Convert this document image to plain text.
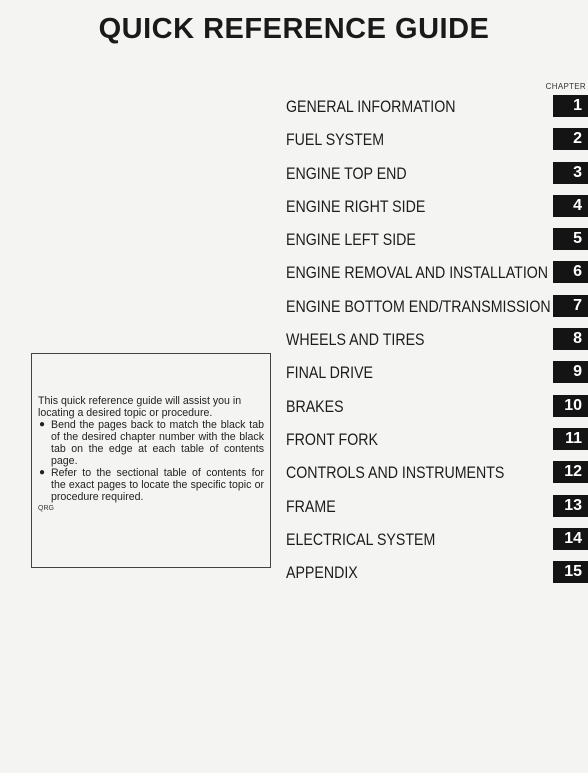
QUICK REFERENCE GUIDE
CHAPTER
GENERAL INFORMATION	1
FUEL SYSTEM	2
ENGINE TOP END	3
ENGINE RIGHT SIDE	4
ENGINE LEFT SIDE	5
ENGINE REMOVAL AND INSTALLATION	6
ENGINE BOTTOM END/TRANSMISSION	7
WHEELS AND TIRES	8
FINAL DRIVE	9
BRAKES	10
FRONT FORK	11
CONTROLS AND INSTRUMENTS	12
FRAME	13
ELECTRICAL SYSTEM	14
APPENDIX	15
This quick reference guide will assist you in locating a desired topic or procedure.
● Bend the pages back to match the black tab of the desired chapter number with the black tab on the edge at each table of contents page.
● Refer to the sectional table of contents for the exact pages to locate the specific topic or procedure required.
QRG
